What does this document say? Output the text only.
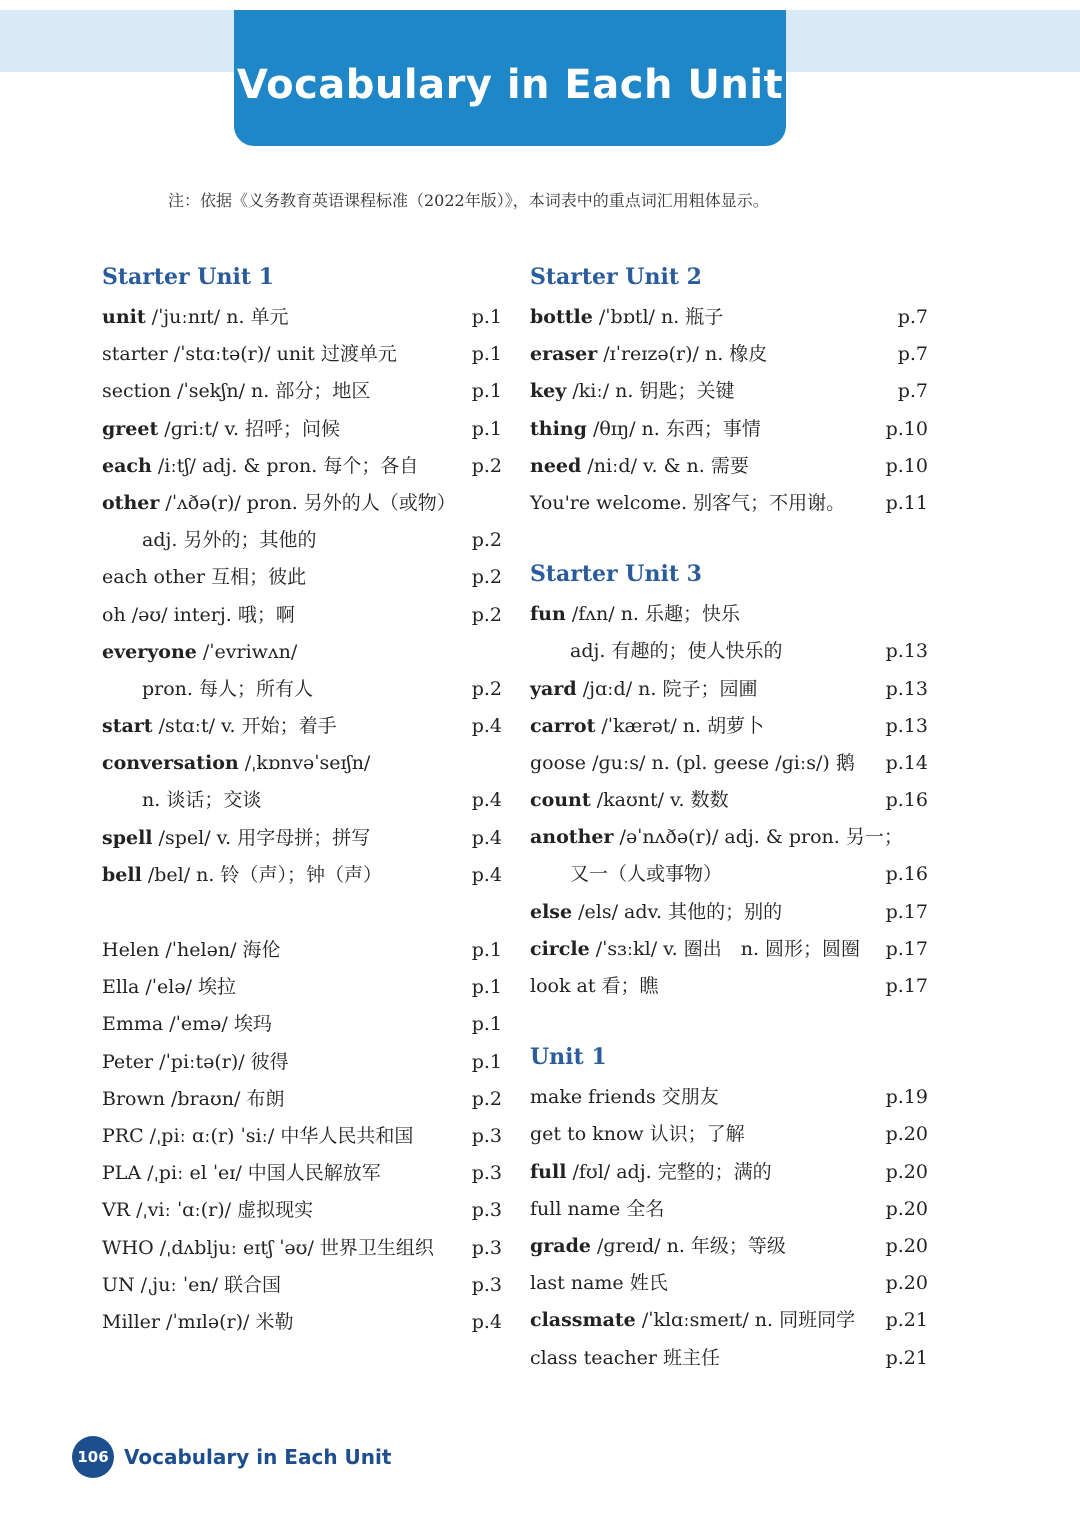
Vocabulary in Each Unit
注：依据《义务教育英语课程标准（2022年版）》，本词表中的重点词汇用粗体显示。
Starter Unit 1
unit /ˈjuːnɪt/ n. 单元	p.1
starter /ˈstɑːtə(r)/ unit 过渡单元	p.1
section /ˈsekʃn/ n. 部分；地区	p.1
greet /ɡriːt/ v. 招呼；问候	p.1
each /iːtʃ/ adj. & pron. 每个；各自	p.2
other /ˈʌðə(r)/ pron. 另外的人（或物）
adj. 另外的；其他的	p.2
each other 互相；彼此	p.2
oh /əʊ/ interj. 哦；啊	p.2
everyone /ˈevriwʌn/
pron. 每人；所有人	p.2
start /stɑːt/ v. 开始；着手	p.4
conversation /ˌkɒnvəˈseɪʃn/
n. 谈话；交谈	p.4
spell /spel/ v. 用字母拼；拼写	p.4
bell /bel/ n. 铃（声）；钟（声）	p.4
Helen /ˈhelən/ 海伦	p.1
Ella /ˈelə/ 埃拉	p.1
Emma /ˈemə/ 埃玛	p.1
Peter /ˈpiːtə(r)/ 彼得	p.1
Brown /braʊn/ 布朗	p.2
PRC /ˌpiː ɑː(r) ˈsiː/ 中华人民共和国	p.3
PLA /ˌpiː el ˈeɪ/ 中国人民解放军	p.3
VR /ˌviː ˈɑː(r)/ 虚拟现实	p.3
WHO /ˌdʌbljuː eɪtʃ ˈəʊ/ 世界卫生组织 p.3
UN /ˌjuː ˈen/ 联合国	p.3
Miller /ˈmɪlə(r)/ 米勒	p.4
Starter Unit 2
bottle /ˈbɒtl/ n. 瓶子	p.7
eraser /ɪˈreɪzə(r)/ n. 橡皮	p.7
key /kiː/ n. 钥匙；关键	p.7
thing /θɪŋ/ n. 东西；事情	p.10
need /niːd/ v. & n. 需要	p.10
You're welcome. 别客气；不用谢。 p.11
Starter Unit 3
fun /fʌn/ n. 乐趣；快乐
adj. 有趣的；使人快乐的	p.13
yard /jɑːd/ n. 院子；园圃	p.13
carrot /ˈkærət/ n. 胡萝卜	p.13
goose /ɡuːs/ n. (pl. geese /ɡiːs/) 鹅 p.14
count /kaʊnt/ v. 数数	p.16
another /əˈnʌðə(r)/ adj. & pron. 另一；
又一（人或事物）	p.16
else /els/ adv. 其他的；别的	p.17
circle /ˈsɜːkl/ v. 圈出　n. 圆形；圆圈 p.17
look at 看；瞧	p.17
Unit 1
make friends 交朋友	p.19
get to know 认识；了解	p.20
full /fʊl/ adj. 完整的；满的	p.20
full name 全名	p.20
grade /ɡreɪd/ n. 年级；等级	p.20
last name 姓氏	p.20
classmate /ˈklɑːsmeɪt/ n. 同班同学 p.21
class teacher 班主任	p.21
106 Vocabulary in Each Unit
